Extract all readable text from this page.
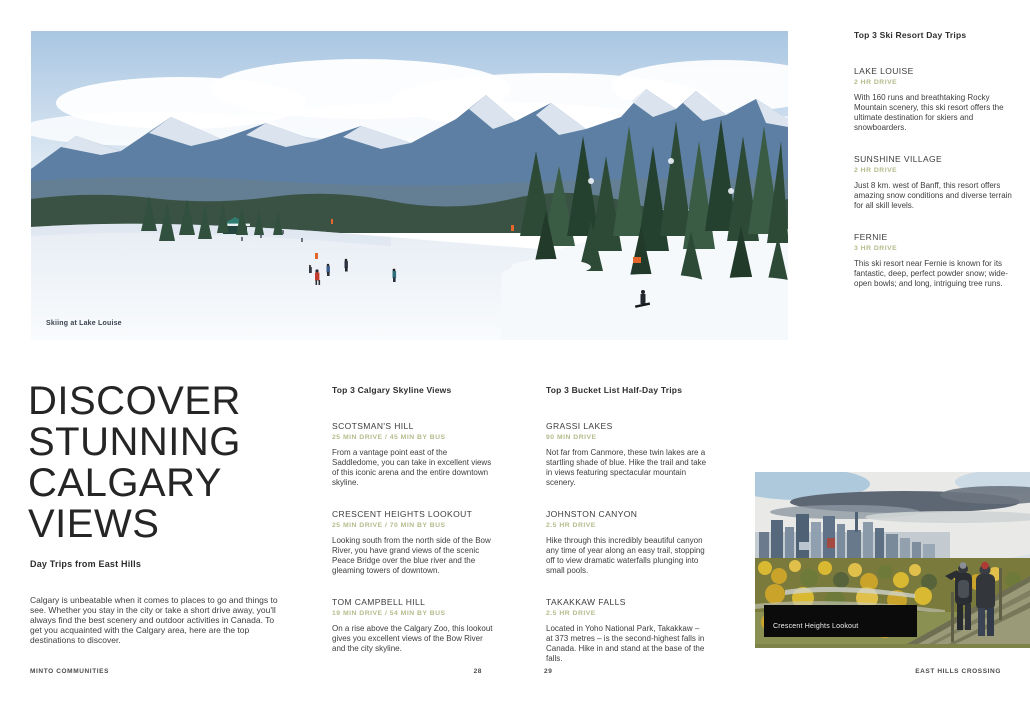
Skiing at Lake Louise
DISCOVER
STUNNING
CALGARY
VIEWS
Day Trips from East Hills

Calgary is unbeatable when it comes to places to go and things to see. Whether you stay in the city or take a short drive away, you'll always find the best scenery and outdoor activities in Canada. To get you acquainted with the Calgary area, here are the top destinations to discover.

Top 3 Ski Resort Day Trips
LAKE LOUISE
2 HR DRIVE
With 160 runs and breathtaking Rocky Mountain scenery, this ski resort offers the ultimate destination for skiers and snowboarders.
SUNSHINE VILLAGE
2 HR DRIVE
Just 8 km. west of Banff, this resort offers amazing snow conditions and diverse terrain for all skill levels.
FERNIE
3 HR DRIVE
This ski resort near Fernie is known for its fantastic, deep, perfect powder snow; wide-open bowls; and long, intriguing tree runs.
Top 3 Calgary Skyline Views
SCOTSMAN'S HILL
25 MIN DRIVE / 45 MIN BY BUS
From a vantage point east of the Saddledome, you can take in excellent views of this iconic arena and the entire downtown skyline.
CRESCENT HEIGHTS LOOKOUT
25 MIN DRIVE / 70 MIN BY BUS
Looking south from the north side of the Bow River, you have grand views of the scenic Peace Bridge over the blue river and the gleaming towers of downtown.
TOM CAMPBELL HILL
19 MIN DRIVE / 54 MIN BY BUS
On a rise above the Calgary Zoo, this lookout gives you excellent views of the Bow River and the city skyline.
Top 3 Bucket List Half-Day Trips
GRASSI LAKES
90 MIN DRIVE
Not far from Canmore, these twin lakes are a startling shade of blue. Hike the trail and take in views featuring spectacular mountain scenery.
JOHNSTON CANYON
2.5 HR DRIVE
Hike through this incredibly beautiful canyon any time of year along an easy trail, stopping off to view dramatic waterfalls plunging into small pools.
TAKAKKAW FALLS
2.5 HR DRIVE
Located in Yoho National Park, Takakkaw – at 373 metres – is the second-highest falls in Canada. Hike in and stand at the base of the falls.
Crescent Heights Lookout
MINTO COMMUNITIES	28	29	EAST HILLS CROSSING
